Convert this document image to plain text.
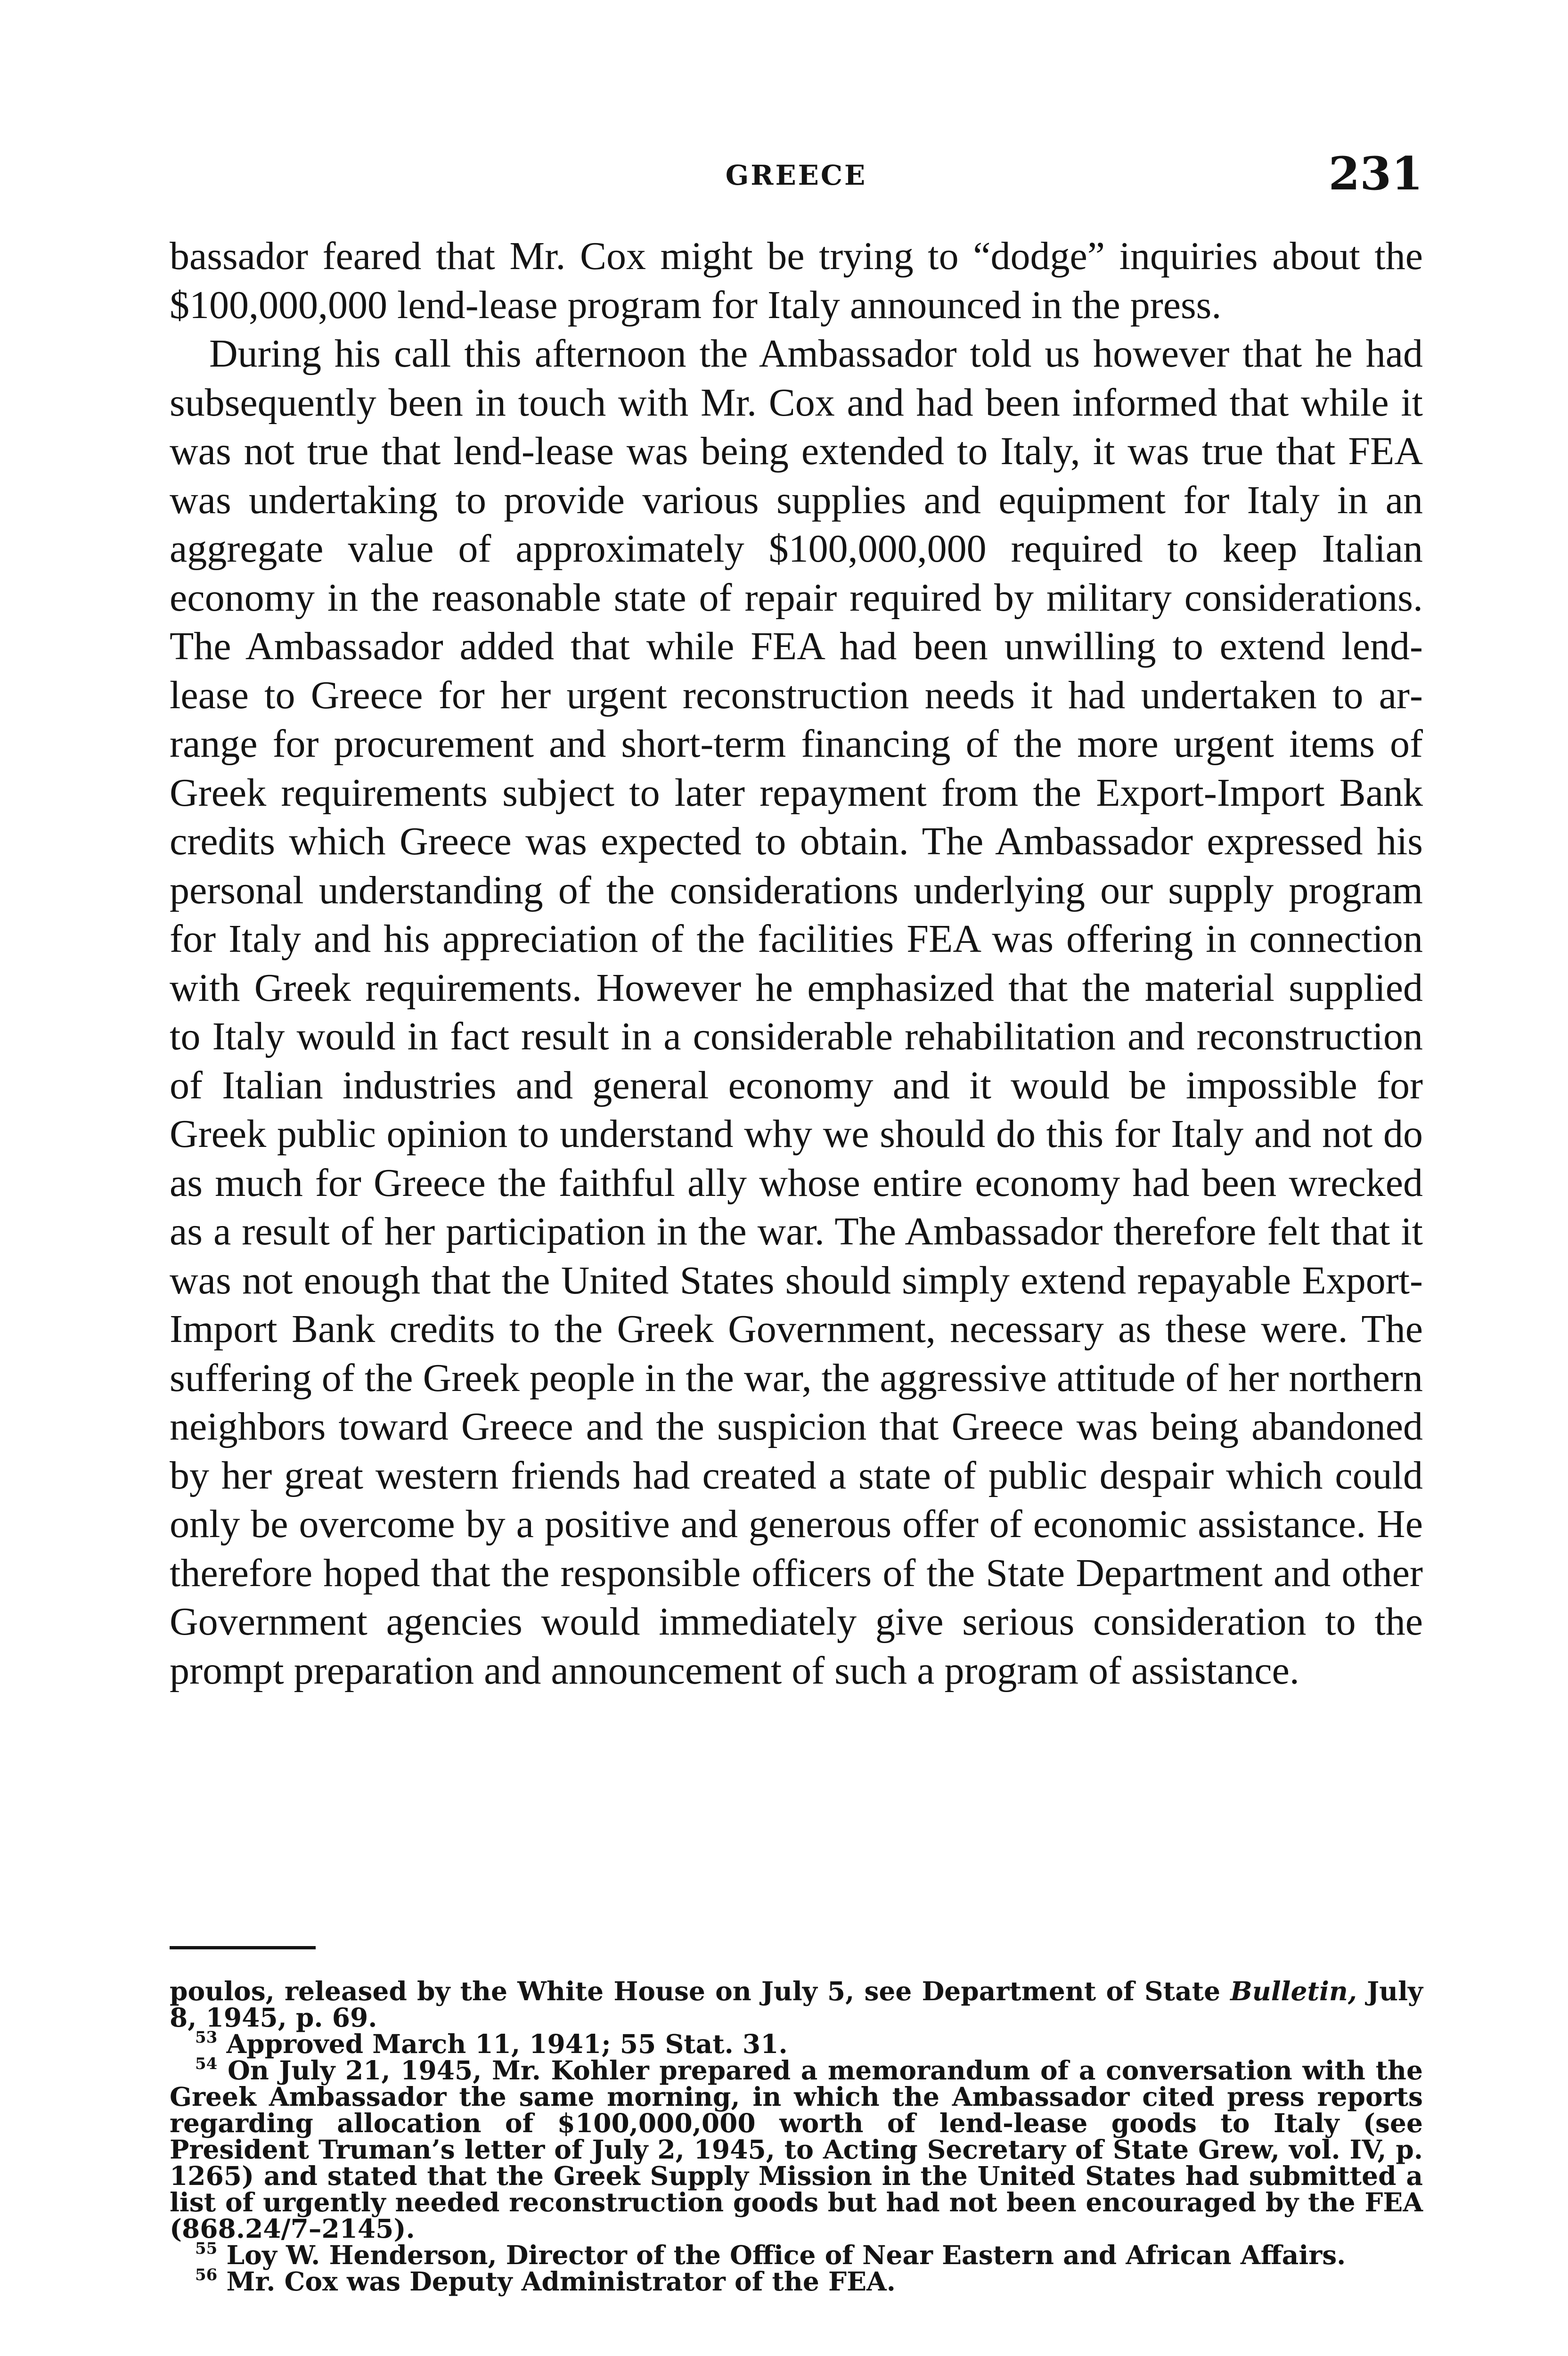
GREECE	231

bassador feared that Mr. Cox might be trying to “dodge” inquiries about the $100,000,000 lend-lease program for Italy announced in the press.

During his call this afternoon the Ambassador told us however that he had subsequently been in touch with Mr. Cox and had been informed that while it was not true that lend-lease was being extended to Italy, it was true that FEA was undertaking to provide various supplies and equipment for Italy in an aggregate value of approximately $100,000,000 required to keep Italian economy in the reasonable state of repair required by military considerations. The Ambassador added that while FEA had been unwilling to extend lend-lease to Greece for her urgent reconstruction needs it had undertaken to arrange for procurement and short-term financing of the more urgent items of Greek requirements subject to later repayment from the Export-Import Bank credits which Greece was expected to obtain. The Ambassador expressed his personal understanding of the considerations underlying our supply program for Italy and his appreciation of the facilities FEA was offering in connection with Greek requirements. However he emphasized that the material supplied to Italy would in fact result in a considerable rehabilitation and reconstruction of Italian industries and general economy and it would be impossible for Greek public opinion to understand why we should do this for Italy and not do as much for Greece the faithful ally whose entire economy had been wrecked as a result of her participation in the war. The Ambassador therefore felt that it was not enough that the United States should simply extend repayable Export-Import Bank credits to the Greek Government, necessary as these were. The suffering of the Greek people in the war, the aggressive attitude of her northern neighbors toward Greece and the suspicion that Greece was being abandoned by her great western friends had created a state of public despair which could only be overcome by a positive and generous offer of economic assistance. He therefore hoped that the responsible officers of the State Department and other Government agencies would immediately give serious consideration to the prompt preparation and announcement of such a program of assistance.

poulos, released by the White House on July 5, see Department of State Bulletin, July 8, 1945, p. 69.

$^{53}$ Approved March 11, 1941; 55 Stat. 31.

$^{54}$ On July 21, 1945, Mr. Kohler prepared a memorandum of a conversation with the Greek Ambassador the same morning, in which the Ambassador cited press reports regarding allocation of $100,000,000 worth of lend-lease goods to Italy (see President Truman’s letter of July 2, 1945, to Acting Secretary of State Grew, vol. IV, p. 1265) and stated that the Greek Supply Mission in the United States had submitted a list of urgently needed reconstruction goods but had not been encouraged by the FEA (868.24/7–2145).

$^{55}$ Loy W. Henderson, Director of the Office of Near Eastern and African Affairs.

$^{56}$ Mr. Cox was Deputy Administrator of the FEA.
